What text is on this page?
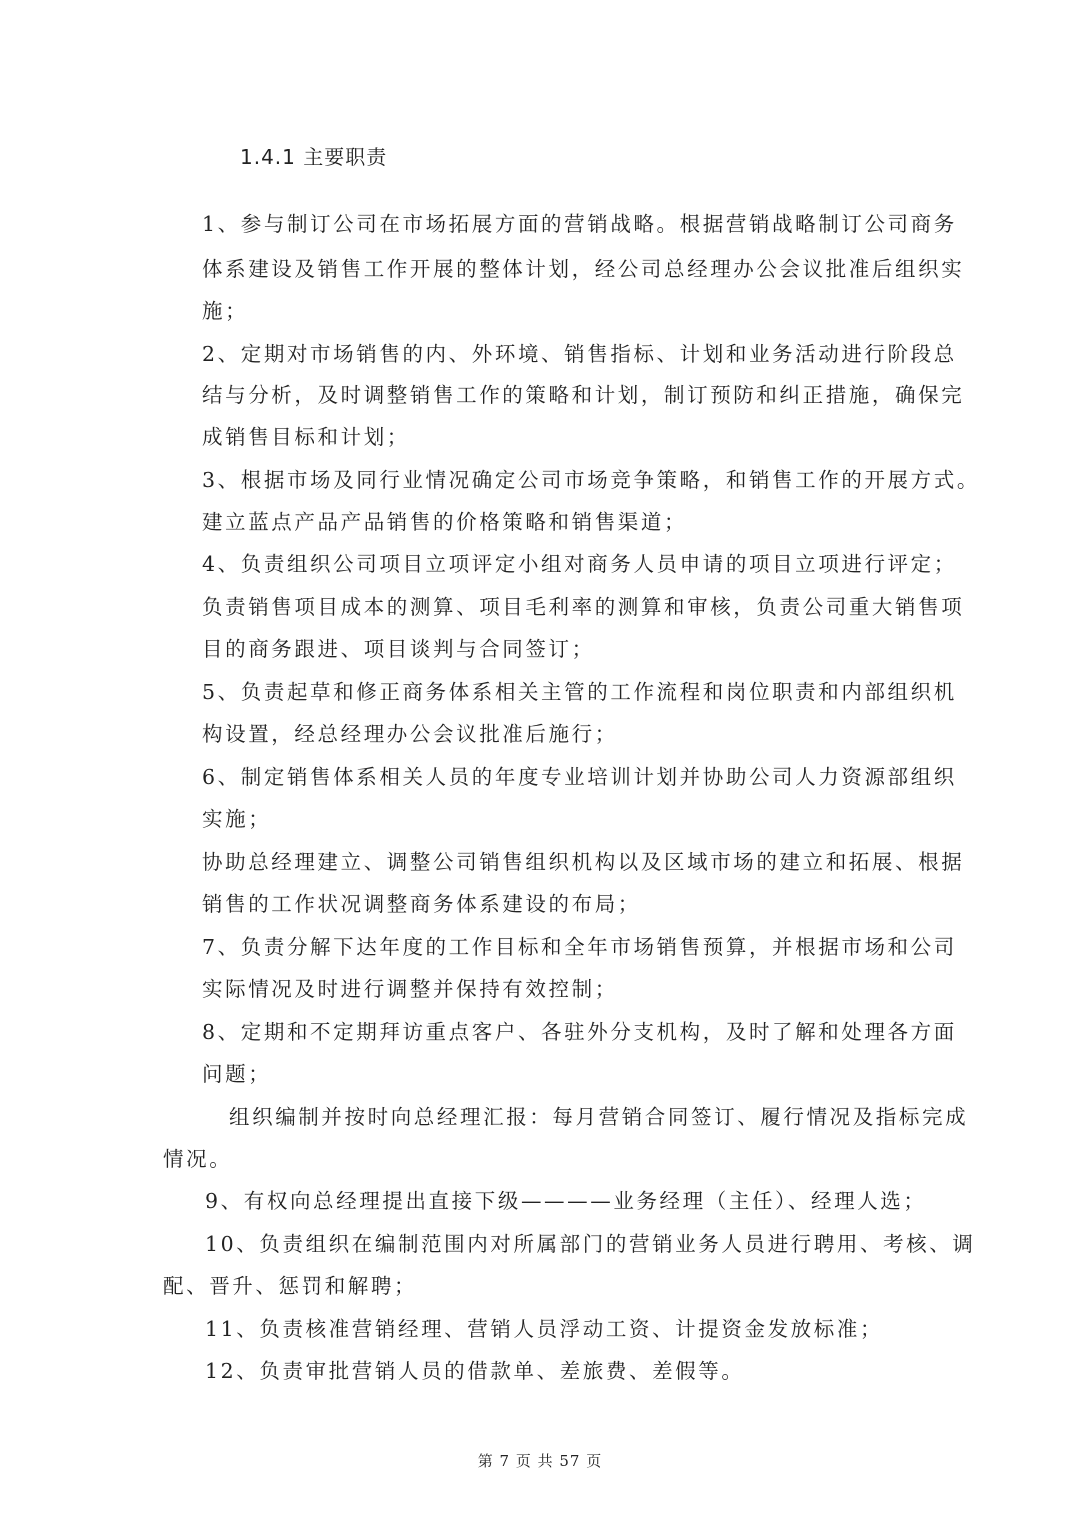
1.4.1 主要职责
1、参与制订公司在市场拓展方面的营销战略。根据营销战略制订公司商务
体系建设及销售工作开展的整体计划，经公司总经理办公会议批准后组织实
施；
2、定期对市场销售的内、外环境、销售指标、计划和业务活动进行阶段总
结与分析，及时调整销售工作的策略和计划，制订预防和纠正措施，确保完
成销售目标和计划；
3、根据市场及同行业情况确定公司市场竞争策略，和销售工作的开展方式。
建立蓝点产品产品销售的价格策略和销售渠道；
4、负责组织公司项目立项评定小组对商务人员申请的项目立项进行评定；
负责销售项目成本的测算、项目毛利率的测算和审核，负责公司重大销售项
目的商务跟进、项目谈判与合同签订；
5、负责起草和修正商务体系相关主管的工作流程和岗位职责和内部组织机
构设置，经总经理办公会议批准后施行；
6、制定销售体系相关人员的年度专业培训计划并协助公司人力资源部组织
实施；
协助总经理建立、调整公司销售组织机构以及区域市场的建立和拓展、根据
销售的工作状况调整商务体系建设的布局；
7、负责分解下达年度的工作目标和全年市场销售预算，并根据市场和公司
实际情况及时进行调整并保持有效控制；
8、定期和不定期拜访重点客户、各驻外分支机构，及时了解和处理各方面
问题；
组织编制并按时向总经理汇报：每月营销合同签订、履行情况及指标完成
情况。
9、有权向总经理提出直接下级————业务经理（主任）、经理人选；
10、负责组织在编制范围内对所属部门的营销业务人员进行聘用、考核、调
配、晋升、惩罚和解聘；
11、负责核准营销经理、营销人员浮动工资、计提资金发放标准；
12、负责审批营销人员的借款单、差旅费、差假等。
第 7 页 共 57 页
